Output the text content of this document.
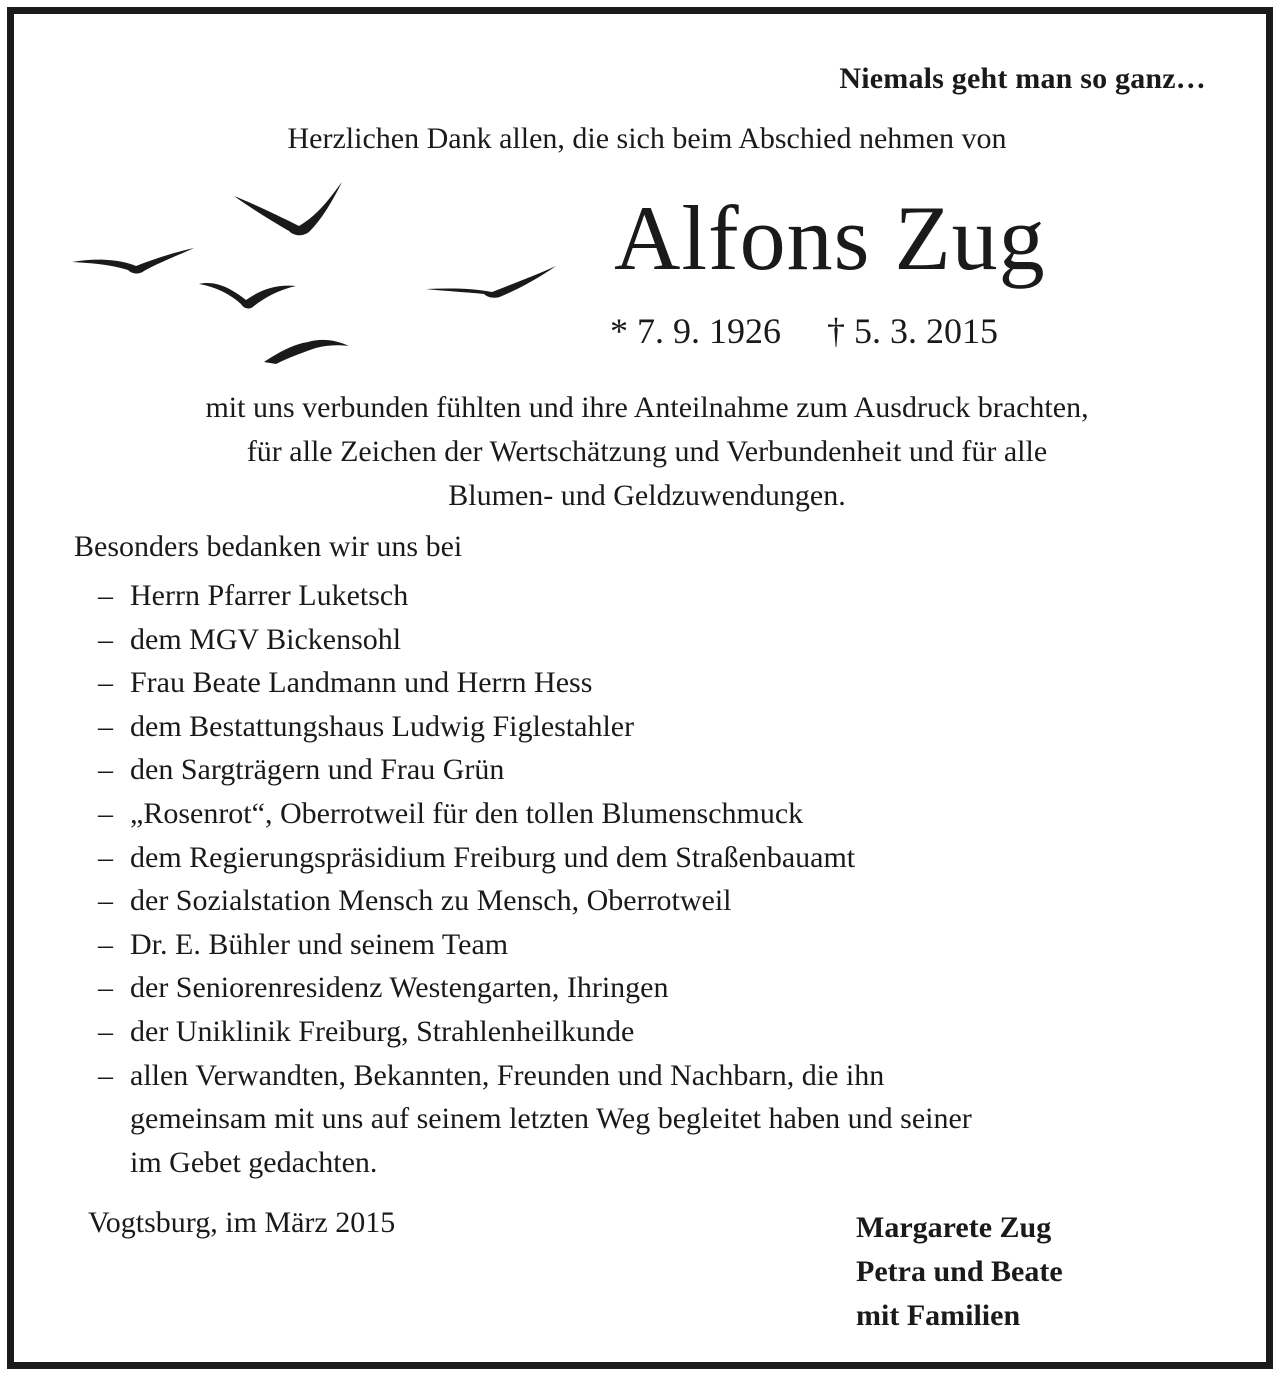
Niemals geht man so ganz…
Herzlichen Dank allen, die sich beim Abschied nehmen von
Alfons Zug
* 7. 9. 1926 † 5. 3. 2015
mit uns verbunden fühlten und ihre Anteilnahme zum Ausdruck brachten,
für alle Zeichen der Wertschätzung und Verbundenheit und für alle
Blumen- und Geldzuwendungen.
Besonders bedanken wir uns bei
– Herrn Pfarrer Luketsch
– dem MGV Bickensohl
– Frau Beate Landmann und Herrn Hess
– dem Bestattungshaus Ludwig Figlestahler
– den Sargträgern und Frau Grün
– „Rosenrot“, Oberrotweil für den tollen Blumenschmuck
– dem Regierungspräsidium Freiburg und dem Straßenbauamt
– der Sozialstation Mensch zu Mensch, Oberrotweil
– Dr. E. Bühler und seinem Team
– der Seniorenresidenz Westengarten, Ihringen
– der Uniklinik Freiburg, Strahlenheilkunde
– allen Verwandten, Bekannten, Freunden und Nachbarn, die ihn
gemeinsam mit uns auf seinem letzten Weg begleitet haben und seiner
im Gebet gedachten.
Vogtsburg, im März 2015	Margarete Zug
Petra und Beate
mit Familien
